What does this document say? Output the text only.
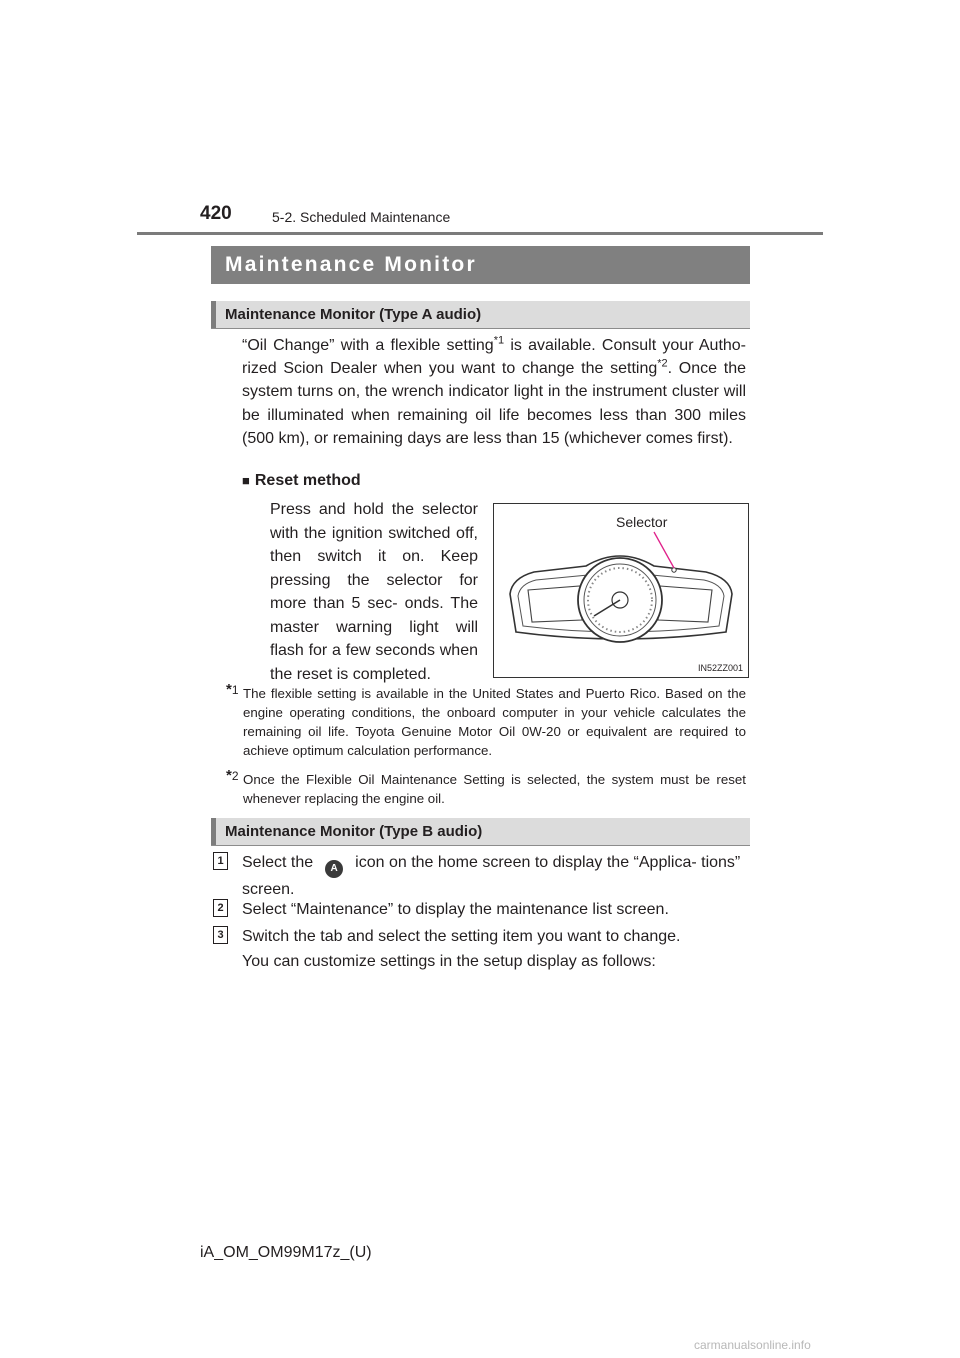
420	5-2. Scheduled Maintenance
Maintenance Monitor
Maintenance Monitor (Type A audio)
“Oil Change” with a flexible setting$^{*1}$ is available. Consult your Autho- rized Scion Dealer when you want to change the setting$^{*2}$. Once the system turns on, the wrench indicator light in the instrument cluster will be illuminated when remaining oil life becomes less than 300 miles (500 km), or remaining days are less than 15 (whichever comes first).
■ Reset method
Press and hold the selector with the ignition switched off, then switch it on. Keep pressing the selector for more than 5 sec- onds. The master warning light will flash for a few seconds when the reset is completed.
Selector
IN52ZZ001
*1 The flexible setting is available in the United States and Puerto Rico. Based on the engine operating conditions, the onboard computer in your vehicle calculates the remaining oil life. Toyota Genuine Motor Oil 0W-20 or equivalent are required to achieve optimum calculation performance.
*2 Once the Flexible Oil Maintenance Setting is selected, the system must be reset whenever replacing the engine oil.
Maintenance Monitor (Type B audio)
1 Select the A icon on the home screen to display the “Applica- tions” screen.
2 Select “Maintenance” to display the maintenance list screen.
3 Switch the tab and select the setting item you want to change.
You can customize settings in the setup display as follows:
iA_OM_OM99M17z_(U)
carmanualsonline.info
